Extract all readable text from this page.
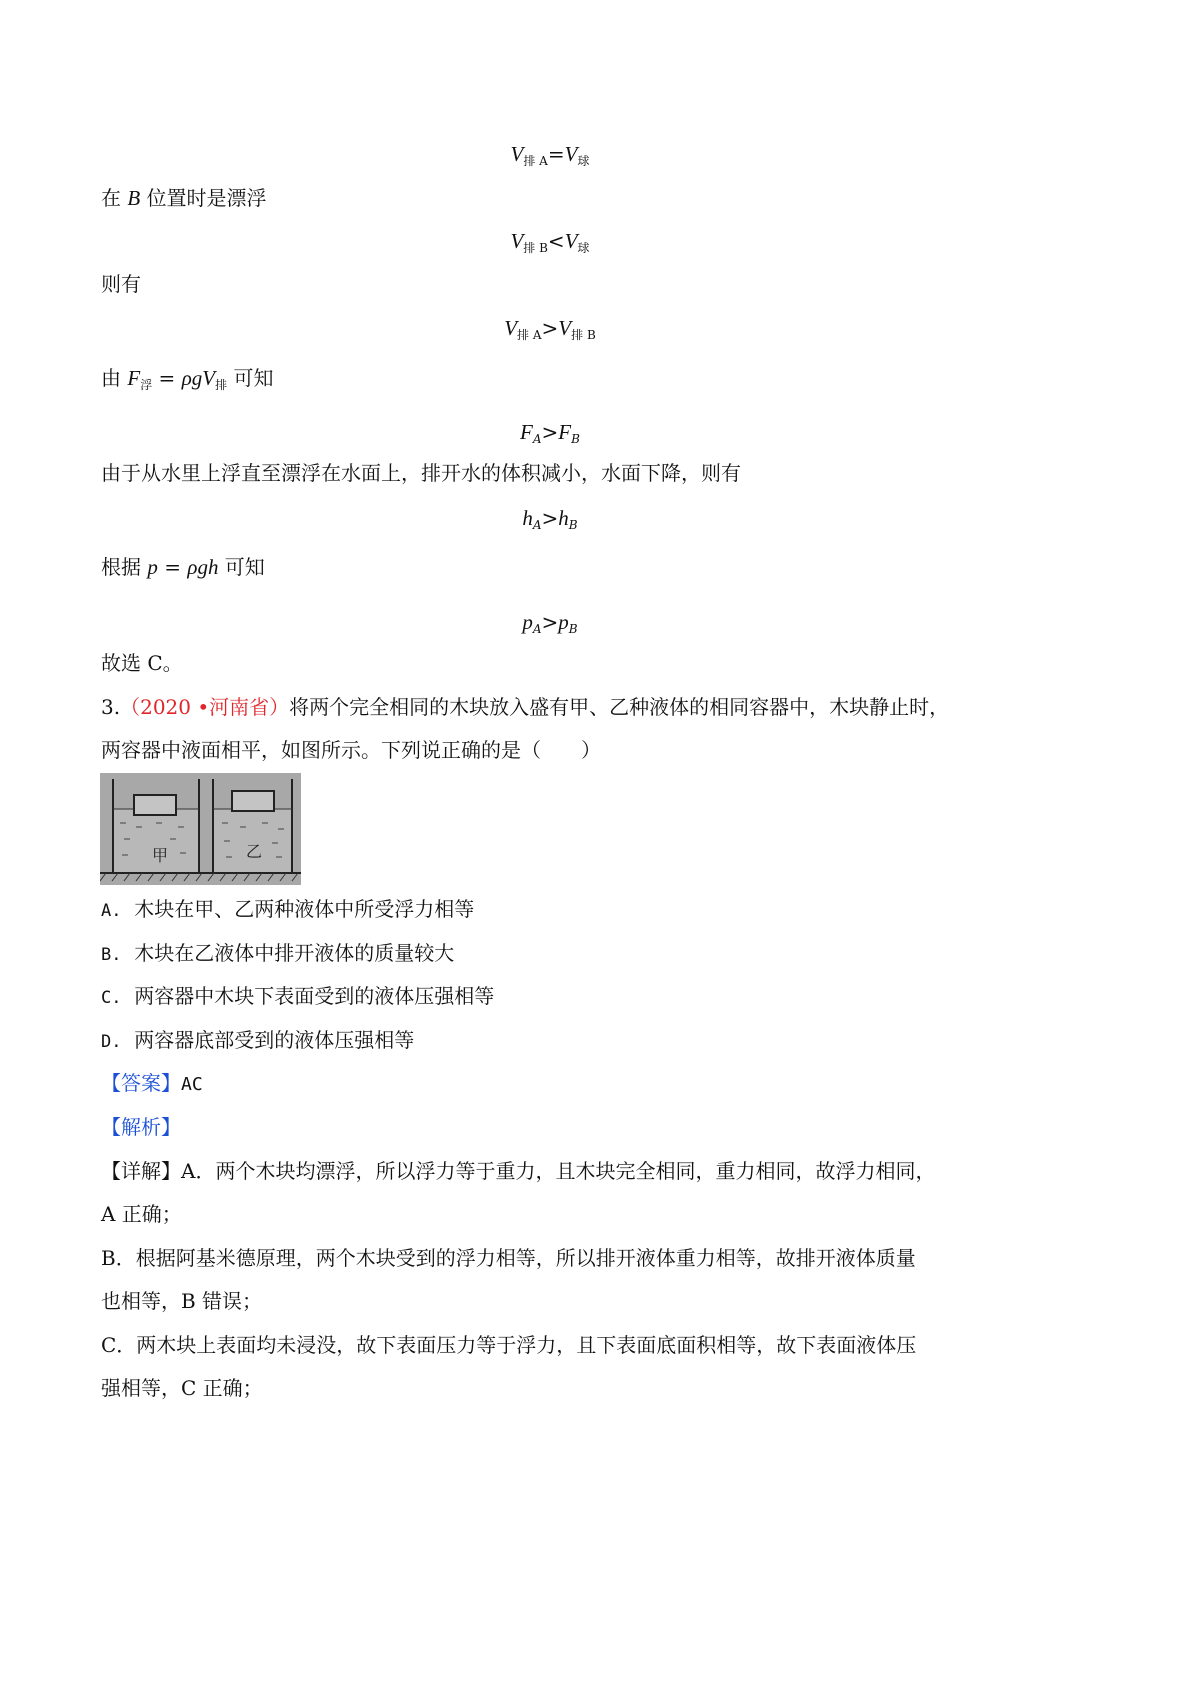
$V_{排 A}=V_球$
在 B 位置时是漂浮
$V_{排 B}<V_球$
则有
$V_{排 A}>V_{排 B}$
由 $F_浮 = \rho gV_排$ 可知
$F_A>F_B$
由于从水里上浮直至漂浮在水面上，排开水的体积减小，水面下降，则有
$h_A>h_B$
根据 p = ρgh 可知
$p_A>p_B$
故选 C。
3.（2020 •河南省）将两个完全相同的木块放入盛有甲、乙种液体的相同容器中，木块静止时，
两容器中液面相平，如图所示。下列说正确的是（　　）
甲	乙
A. 木块在甲、乙两种液体中所受浮力相等
B. 木块在乙液体中排开液体的质量较大
C. 两容器中木块下表面受到的液体压强相等
D. 两容器底部受到的液体压强相等
【答案】AC
【解析】
【详解】A．两个木块均漂浮，所以浮力等于重力，且木块完全相同，重力相同，故浮力相同，
A 正确；
B．根据阿基米德原理，两个木块受到的浮力相等，所以排开液体重力相等，故排开液体质量
也相等，B 错误；
C．两木块上表面均未浸没，故下表面压力等于浮力，且下表面底面积相等，故下表面液体压
强相等，C 正确；
